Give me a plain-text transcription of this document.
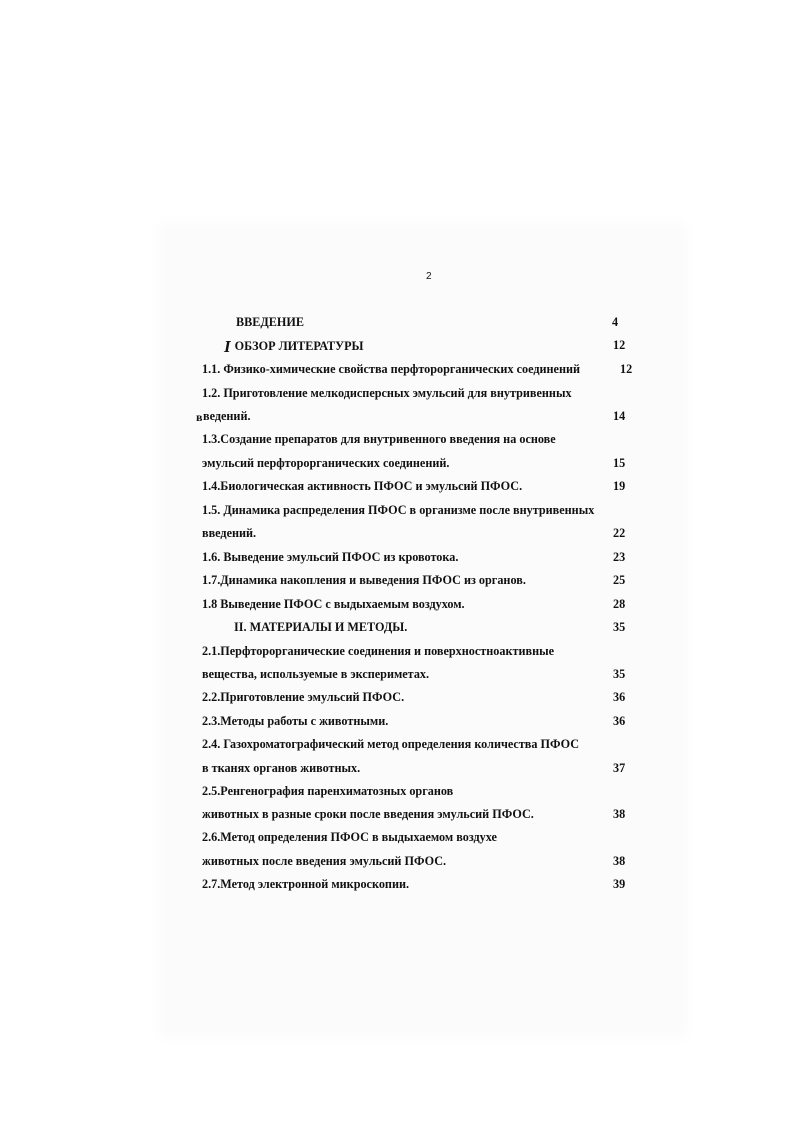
2
ВВЕДЕНИЕ	4
I ОБЗОР ЛИТЕРАТУРЫ	12
1.1. Физико-химические свойства перфторорганических соединений	12
1.2. Приготовление мелкодисперсных эмульсий для внутривенных
в ведений.	14
1.3.Создание препаратов для внутривенного введения на основе
эмульсий перфторорганических соединений.	15
1.4.Биологическая активность ПФОС и эмульсий ПФОС.	19
1.5. Динамика распределения ПФОС в организме после внутривенных
введений.	22
1.6. Выведение эмульсий ПФОС из кровотока.	23
1.7.Динамика накопления и выведения ПФОС из органов.	25
1.8 Выведение ПФОС с выдыхаемым воздухом.	28
II. МАТЕРИАЛЫ И МЕТОДЫ.	35
2.1.Перфторорганические соединения и поверхностноактивные
вещества, используемые в экспериметах.	35
2.2.Приготовление эмульсий ПФОС.	36
2.3.Методы работы с животными.	36
2.4. Газохроматографический метод определения количества ПФОС
в тканях органов животных.	37
2.5.Ренгенография паренхиматозных органов
животных в разные сроки после введения эмульсий ПФОС.	38
2.6.Метод определения ПФОС в выдыхаемом воздухе
животных после введения эмульсий ПФОС.	38
2.7.Метод электронной микроскопии.	39
